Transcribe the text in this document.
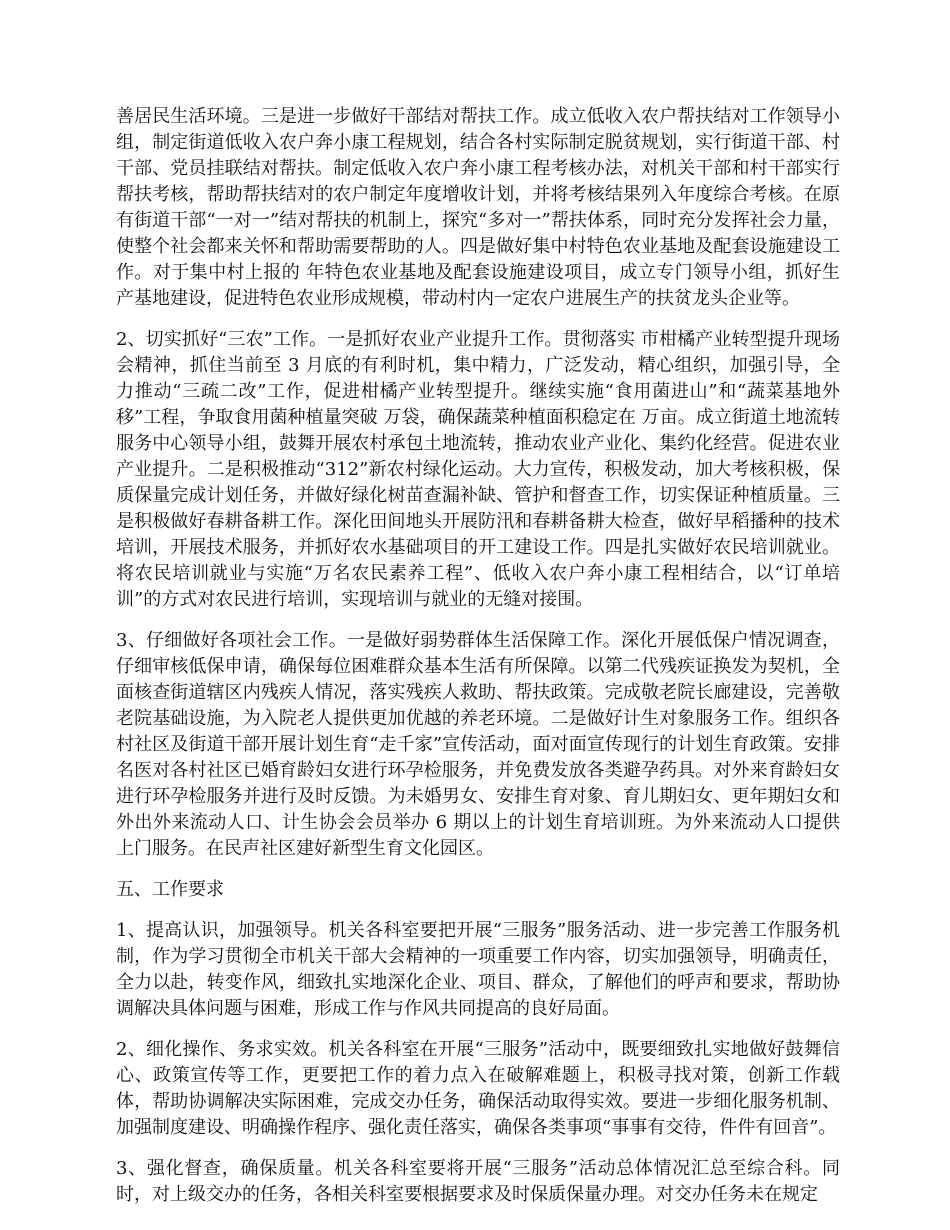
善居民生活环境。三是进一步做好干部结对帮扶工作。成立低收入农户帮扶结对工作领导小组，制定街道低收入农户奔小康工程规划，结合各村实际制定脱贫规划，实行街道干部、村干部、党员挂联结对帮扶。制定低收入农户奔小康工程考核办法，对机关干部和村干部实行帮扶考核，帮助帮扶结对的农户制定年度增收计划，并将考核结果列入年度综合考核。在原有街道干部“一对一”结对帮扶的机制上，探究“多对一”帮扶体系，同时充分发挥社会力量，使整个社会都来关怀和帮助需要帮助的人。四是做好集中村特色农业基地及配套设施建设工作。对于集中村上报的 年特色农业基地及配套设施建设项目，成立专门领导小组，抓好生产基地建设，促进特色农业形成规模，带动村内一定农户进展生产的扶贫龙头企业等。

2、切实抓好“三农”工作。一是抓好农业产业提升工作。贯彻落实 市柑橘产业转型提升现场会精神，抓住当前至 3 月底的有利时机，集中精力，广泛发动，精心组织，加强引导，全力推动“三疏二改”工作，促进柑橘产业转型提升。继续实施“食用菌进山”和“蔬菜基地外移”工程，争取食用菌种植量突破 万袋，确保蔬菜种植面积稳定在 万亩。成立街道土地流转服务中心领导小组，鼓舞开展农村承包土地流转，推动农业产业化、集约化经营。促进农业产业提升。二是积极推动“312”新农村绿化运动。大力宣传，积极发动，加大考核积极，保质保量完成计划任务，并做好绿化树苗查漏补缺、管护和督查工作，切实保证种植质量。三是积极做好春耕备耕工作。深化田间地头开展防汛和春耕备耕大检查，做好早稻播种的技术培训，开展技术服务，并抓好农水基础项目的开工建设工作。四是扎实做好农民培训就业。将农民培训就业与实施“万名农民素养工程”、低收入农户奔小康工程相结合，以“订单培训”的方式对农民进行培训，实现培训与就业的无缝对接围。

3、仔细做好各项社会工作。一是做好弱势群体生活保障工作。深化开展低保户情况调查，仔细审核低保申请，确保每位困难群众基本生活有所保障。以第二代残疾证换发为契机，全面核查街道辖区内残疾人情况，落实残疾人救助、帮扶政策。完成敬老院长廊建设，完善敬老院基础设施，为入院老人提供更加优越的养老环境。二是做好计生对象服务工作。组织各村社区及街道干部开展计划生育“走千家”宣传活动，面对面宣传现行的计划生育政策。安排名医对各村社区已婚育龄妇女进行环孕检服务，并免费发放各类避孕药具。对外来育龄妇女进行环孕检服务并进行及时反馈。为未婚男女、安排生育对象、育儿期妇女、更年期妇女和外出外来流动人口、计生协会会员举办 6 期以上的计划生育培训班。为外来流动人口提供上门服务。在民声社区建好新型生育文化园区。

五、工作要求

1、提高认识，加强领导。机关各科室要把开展“三服务”服务活动、进一步完善工作服务机制，作为学习贯彻全市机关干部大会精神的一项重要工作内容，切实加强领导，明确责任，全力以赴，转变作风，细致扎实地深化企业、项目、群众，了解他们的呼声和要求，帮助协调解决具体问题与困难，形成工作与作风共同提高的良好局面。

2、细化操作、务求实效。机关各科室在开展“三服务”活动中，既要细致扎实地做好鼓舞信心、政策宣传等工作，更要把工作的着力点入在破解难题上，积极寻找对策，创新工作载体，帮助协调解决实际困难，完成交办任务，确保活动取得实效。要进一步细化服务机制、加强制度建设、明确操作程序、强化责任落实，确保各类事项“事事有交待，件件有回音”。

3、强化督查，确保质量。机关各科室要将开展“三服务”活动总体情况汇总至综合科。同时，对上级交办的任务，各相关科室要根据要求及时保质保量办理。对交办任务未在规定
